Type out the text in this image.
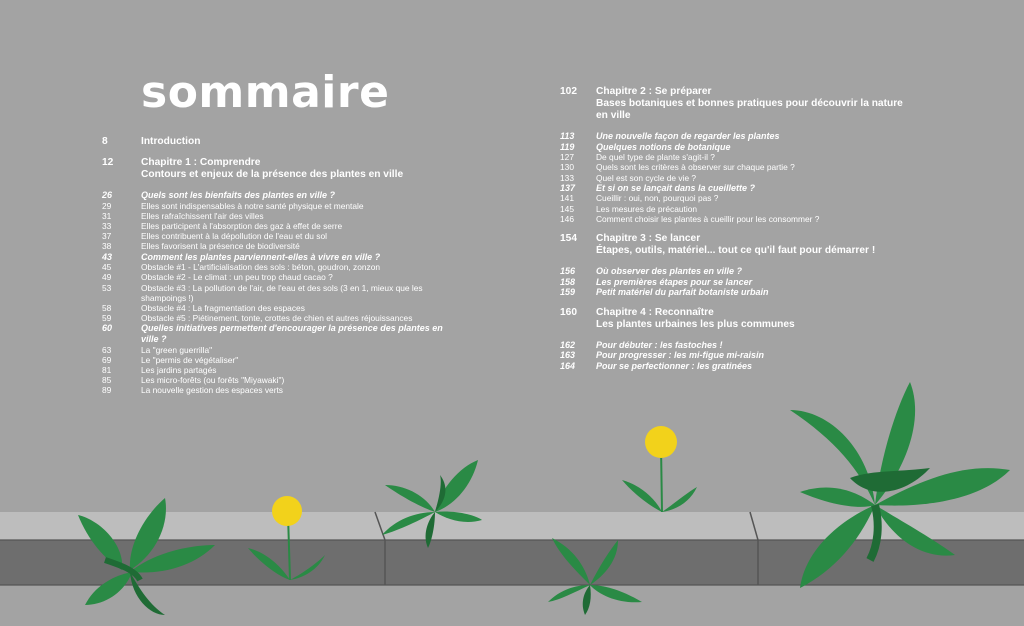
sommaire
8	Introduction
12	Chapitre 1 : Comprendre
Contours et enjeux de la présence des plantes en ville
26	Quels sont les bienfaits des plantes en ville ?
29	Elles sont indispensables à notre santé physique et mentale
31	Elles rafraîchissent l'air des villes
33	Elles participent à l'absorption des gaz à effet de serre
37	Elles contribuent à la dépollution de l'eau et du sol
38	Elles favorisent la présence de biodiversité
43	Comment les plantes parviennent-elles à vivre en ville ?
45	Obstacle #1 - L'artificialisation des sols : béton, goudron, zonzon
49	Obstacle #2 - Le climat : un peu trop chaud cacao ?
53	Obstacle #3 : La pollution de l'air, de l'eau et des sols (3 en 1, mieux que les shampoings !)
58	Obstacle #4 : La fragmentation des espaces
59	Obstacle #5 : Piétinement, tonte, crottes de chien et autres réjouissances
60	Quelles initiatives permettent d'encourager la présence des plantes en ville ?
63	La "green guerrilla"
69	Le "permis de végétaliser"
81	Les jardins partagés
85	Les micro-forêts (ou forêts "Miyawaki")
89	La nouvelle gestion des espaces verts
102	Chapitre 2 : Se préparer
Bases botaniques et bonnes pratiques pour découvrir la nature en ville
113	Une nouvelle façon de regarder les plantes
119	Quelques notions de botanique
127	De quel type de plante s'agit-il ?
130	Quels sont les critères à observer sur chaque partie ?
133	Quel est son cycle de vie ?
137	Et si on se lançait dans la cueillette ?
141	Cueillir : oui, non, pourquoi pas ?
145	Les mesures de précaution
146	Comment choisir les plantes à cueillir pour les consommer ?
154	Chapitre 3 : Se lancer
Étapes, outils, matériel... tout ce qu'il faut pour démarrer !
156	Où observer des plantes en ville ?
158	Les premières étapes pour se lancer
159	Petit matériel du parfait botaniste urbain
160	Chapitre 4 : Reconnaître
Les plantes urbaines les plus communes
162	Pour débuter : les fastoches !
163	Pour progresser : les mi-figue mi-raisin
164	Pour se perfectionner : les gratinées
